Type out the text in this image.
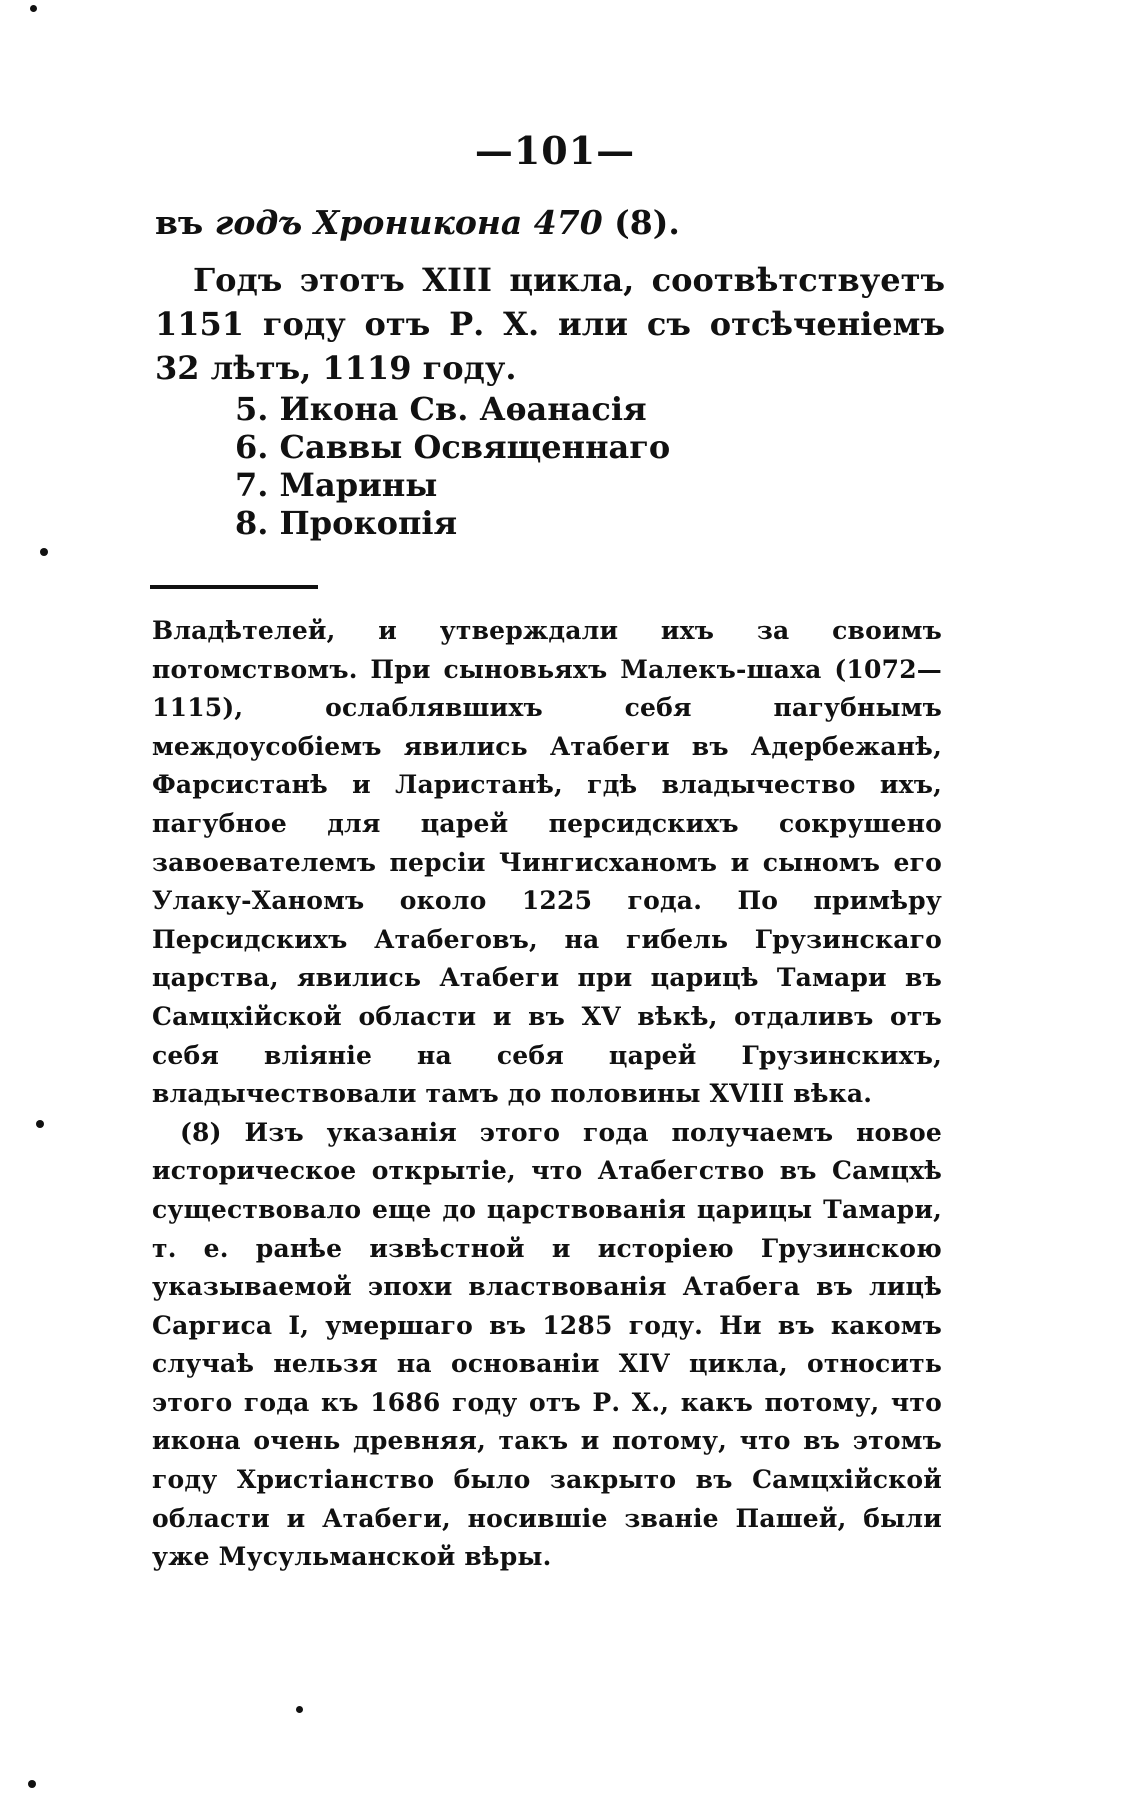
—101—
въ годъ Хроникона 470 (8).
Годъ этотъ XIII цикла, соотвѣтствуетъ 1151 году отъ Р. Х. или съ отсѣченіемъ 32 лѣтъ, 1119 году.
5. Икона Св. Аѳанасія
6. Саввы Освященнаго
7. Марины
8. Прокопія

Владѣтелей, и утверждали ихъ за своимъ потомствомъ. При сыновьяхъ Малекъ-шаха (1072—1115), ослаблявшихъ себя пагубнымъ междоусобіемъ явились Атабеги въ Адербежанѣ, Фарсистанѣ и Ларистанѣ, гдѣ владычество ихъ, пагубное для царей персидскихъ сокрушено завоевателемъ персіи Чингисханомъ и сыномъ его Улаку-Ханомъ около 1225 года. По примѣру Персидскихъ Атабеговъ, на гибель Грузинскаго царства, явились Атабеги при царицѣ Тамари въ Самцхійской области и въ XV вѣкѣ, отдаливъ отъ себя вліяніе на себя царей Грузинскихъ, владычествовали тамъ до половины XVIII вѣка.

(8) Изъ указанія этого года получаемъ новое историческое открытіе, что Атабегство въ Самцхѣ существовало еще до царствованія царицы Тамари, т. е. ранѣе извѣстной и исторіею Грузинскою указываемой эпохи властвованія Атабега въ лицѣ Саргиса I, умершаго въ 1285 году. Ни въ какомъ случаѣ нельзя на основаніи XIV цикла, относить этого года къ 1686 году отъ Р. Х., какъ потому, что икона очень древняя, такъ и потому, что въ этомъ году Христіанство было закрыто въ Самцхійской области и Атабеги, носившіе званіе Пашей, были уже Мусульманской вѣры.
